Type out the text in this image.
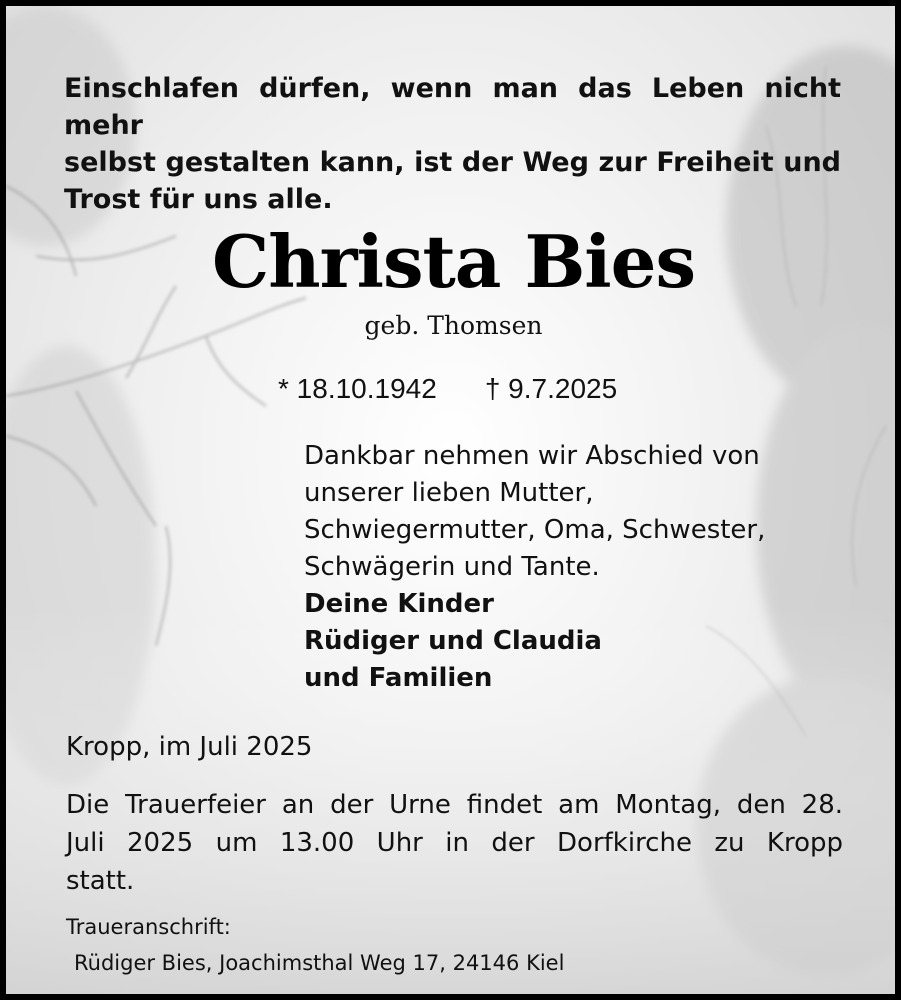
Einschlafen dürfen, wenn man das Leben nicht mehr
selbst gestalten kann, ist der Weg zur Freiheit und
Trost für uns alle.

Christa Bies

geb. Thomsen

* 18.10.1942 † 9.7.2025
Dankbar nehmen wir Abschied von
unserer lieben Mutter,
Schwiegermutter, Oma, Schwester,
Schwägerin und Tante.
Deine Kinder
Rüdiger und Claudia
und Familien
Kropp, im Juli 2025

Die Trauerfeier an der Urne findet am Montag, den 28.
Juli 2025 um 13.00 Uhr in der Dorfkirche zu Kropp
statt.

Traueranschrift:
Rüdiger Bies, Joachimsthal Weg 17, 24146 Kiel
